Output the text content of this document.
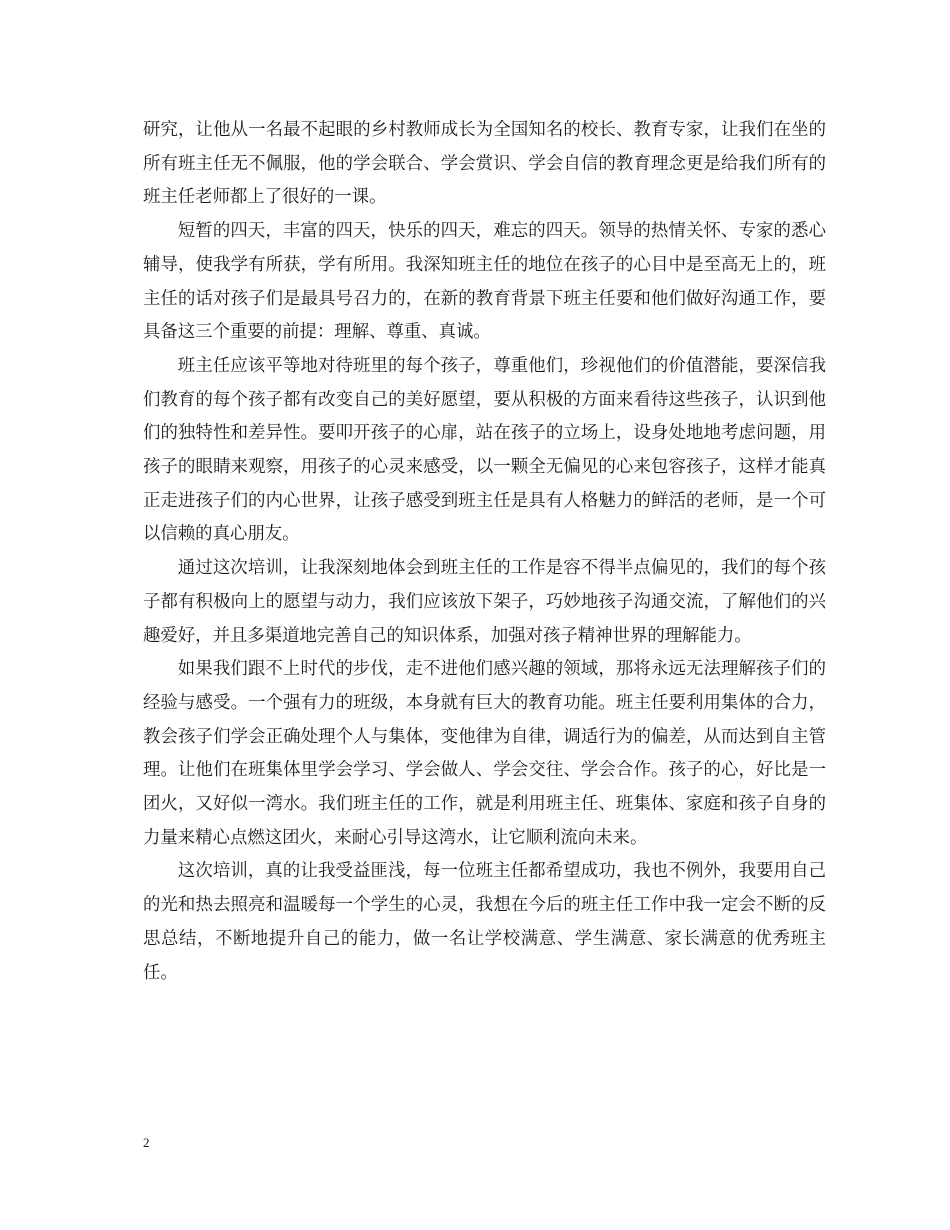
研究，让他从一名最不起眼的乡村教师成长为全国知名的校长、教育专家，让我们在坐的所有班主任无不佩服，他的学会联合、学会赏识、学会自信的教育理念更是给我们所有的班主任老师都上了很好的一课。

短暂的四天，丰富的四天，快乐的四天，难忘的四天。领导的热情关怀、专家的悉心辅导，使我学有所获，学有所用。我深知班主任的地位在孩子的心目中是至高无上的，班主任的话对孩子们是最具号召力的，在新的教育背景下班主任要和他们做好沟通工作，要具备这三个重要的前提：理解、尊重、真诚。

班主任应该平等地对待班里的每个孩子，尊重他们，珍视他们的价值潜能，要深信我们教育的每个孩子都有改变自己的美好愿望，要从积极的方面来看待这些孩子，认识到他们的独特性和差异性。要叩开孩子的心扉，站在孩子的立场上，设身处地地考虑问题，用孩子的眼睛来观察，用孩子的心灵来感受，以一颗全无偏见的心来包容孩子，这样才能真正走进孩子们的内心世界，让孩子感受到班主任是具有人格魅力的鲜活的老师，是一个可以信赖的真心朋友。

通过这次培训，让我深刻地体会到班主任的工作是容不得半点偏见的，我们的每个孩子都有积极向上的愿望与动力，我们应该放下架子，巧妙地孩子沟通交流，了解他们的兴趣爱好，并且多渠道地完善自己的知识体系，加强对孩子精神世界的理解能力。

如果我们跟不上时代的步伐，走不进他们感兴趣的领域，那将永远无法理解孩子们的经验与感受。一个强有力的班级，本身就有巨大的教育功能。班主任要利用集体的合力，教会孩子们学会正确处理个人与集体，变他律为自律，调适行为的偏差，从而达到自主管理。让他们在班集体里学会学习、学会做人、学会交往、学会合作。孩子的心，好比是一团火，又好似一湾水。我们班主任的工作，就是利用班主任、班集体、家庭和孩子自身的力量来精心点燃这团火，来耐心引导这湾水，让它顺利流向未来。

这次培训，真的让我受益匪浅，每一位班主任都希望成功，我也不例外，我要用自己的光和热去照亮和温暖每一个学生的心灵，我想在今后的班主任工作中我一定会不断的反思总结，不断地提升自己的能力，做一名让学校满意、学生满意、家长满意的优秀班主任。

2
